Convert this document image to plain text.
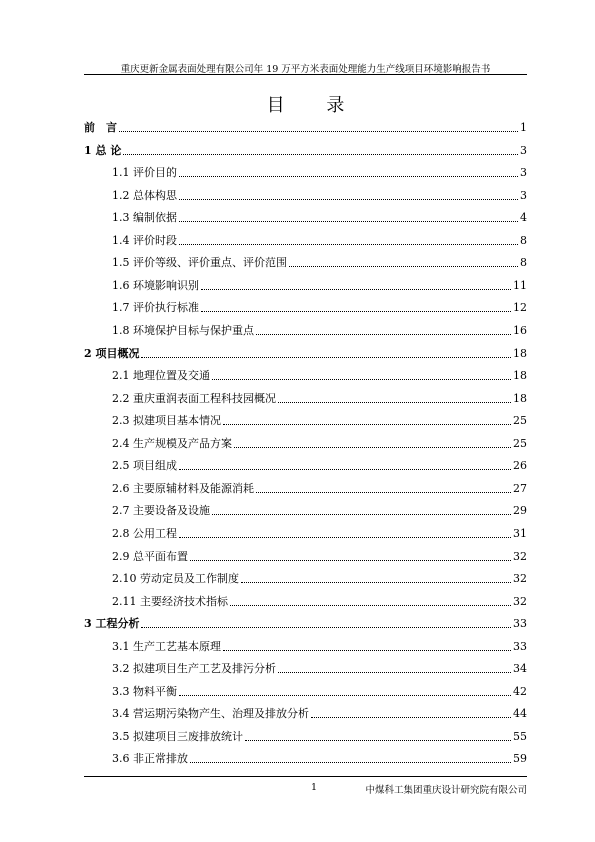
重庆更新金属表面处理有限公司年 19 万平方米表面处理能力生产线项目环境影响报告书
目 录
前　言	1
1 总 论	3
1.1 评价目的	3
1.2 总体构思	3
1.3 编制依据	4
1.4 评价时段	8
1.5 评价等级、评价重点、评价范围	8
1.6 环境影响识别	11
1.7 评价执行标准	12
1.8 环境保护目标与保护重点	16
2 项目概况	18
2.1 地理位置及交通	18
2.2 重庆重润表面工程科技园概况	18
2.3 拟建项目基本情况	25
2.4 生产规模及产品方案	25
2.5 项目组成	26
2.6 主要原辅材料及能源消耗	27
2.7 主要设备及设施	29
2.8 公用工程	31
2.9 总平面布置	32
2.10 劳动定员及工作制度	32
2.11 主要经济技术指标	32
3 工程分析	33
3.1 生产工艺基本原理	33
3.2 拟建项目生产工艺及排污分析	34
3.3 物料平衡	42
3.4 营运期污染物产生、治理及排放分析	44
3.5 拟建项目三废排放统计	55
3.6 非正常排放	59
1	中煤科工集团重庆设计研究院有限公司
